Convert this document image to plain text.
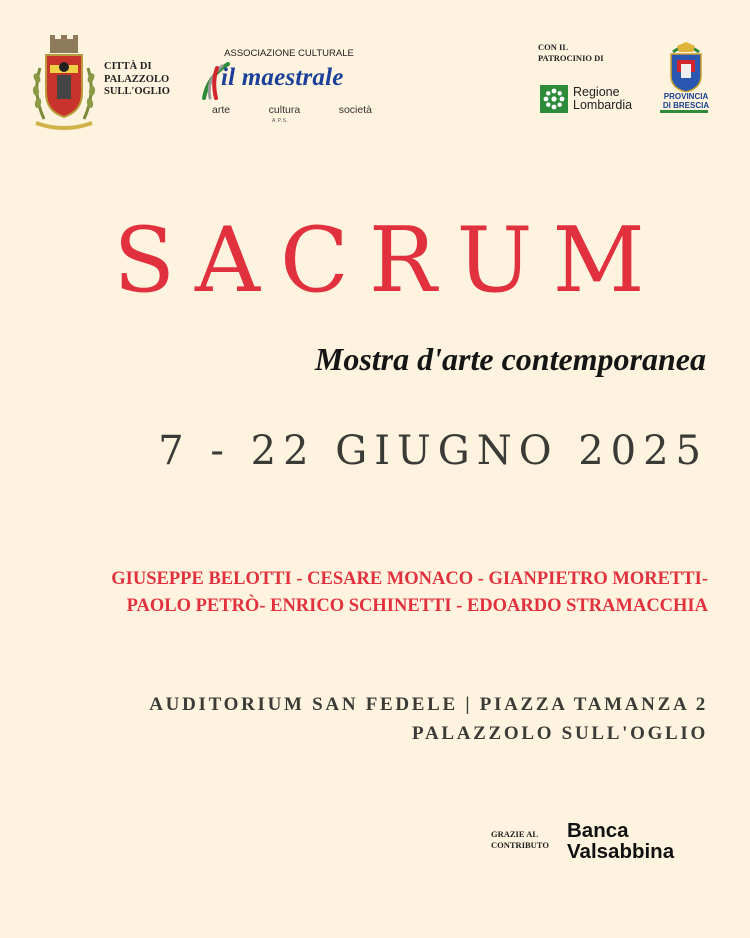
CITTÀ DI
PALAZZOLO
SULL'OGLIO
ASSOCIAZIONE CULTURALE
il maestrale
arte	cultura	società
A.P.S.
CON IL
PATROCINIO DI
Regione
Lombardia
PROVINCIA
DI BRESCIA
SACRUM
Mostra d'arte contemporanea
7 - 22 GIUGNO 2025
GIUSEPPE BELOTTI - CESARE MONACO - GIANPIETRO MORETTI-
PAOLO PETRÒ- ENRICO SCHINETTI - EDOARDO STRAMACCHIA
AUDITORIUM SAN FEDELE | PIAZZA TAMANZA 2
PALAZZOLO SULL'OGLIO
GRAZIE AL
CONTRIBUTO
Banca
Valsabbina
